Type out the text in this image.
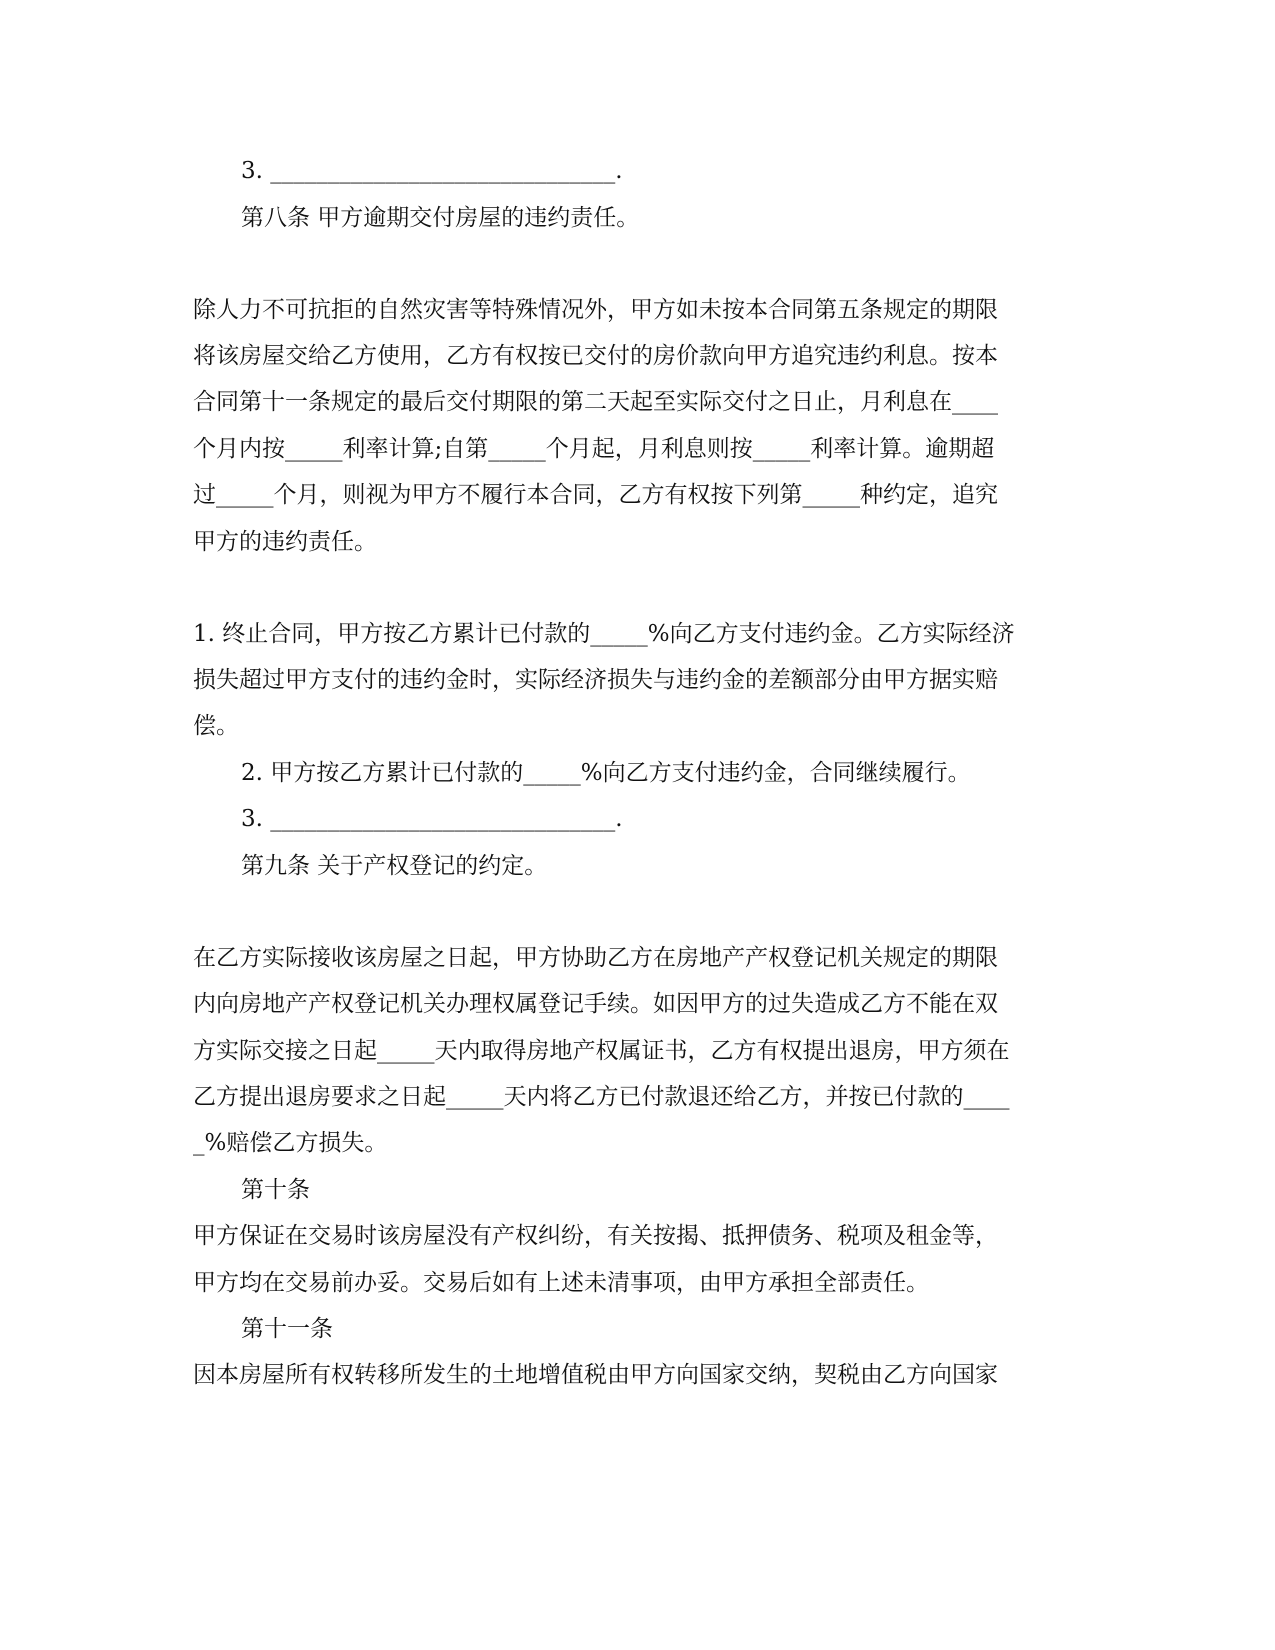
3. ______________________________.
第八条 甲方逾期交付房屋的违约责任。
除人力不可抗拒的自然灾害等特殊情况外，甲方如未按本合同第五条规定的期限
将该房屋交给乙方使用，乙方有权按已交付的房价款向甲方追究违约利息。按本
合同第十一条规定的最后交付期限的第二天起至实际交付之日止，月利息在____
个月内按_____利率计算;自第_____个月起，月利息则按_____利率计算。逾期超
过_____个月，则视为甲方不履行本合同，乙方有权按下列第_____种约定，追究
甲方的违约责任。
1. 终止合同，甲方按乙方累计已付款的_____%向乙方支付违约金。乙方实际经济
损失超过甲方支付的违约金时，实际经济损失与违约金的差额部分由甲方据实赔
偿。
2. 甲方按乙方累计已付款的_____%向乙方支付违约金，合同继续履行。
3. ______________________________.
第九条 关于产权登记的约定。
在乙方实际接收该房屋之日起，甲方协助乙方在房地产产权登记机关规定的期限
内向房地产产权登记机关办理权属登记手续。如因甲方的过失造成乙方不能在双
方实际交接之日起_____天内取得房地产权属证书，乙方有权提出退房，甲方须在
乙方提出退房要求之日起_____天内将乙方已付款退还给乙方，并按已付款的____
_%赔偿乙方损失。
第十条
甲方保证在交易时该房屋没有产权纠纷，有关按揭、抵押债务、税项及租金等，
甲方均在交易前办妥。交易后如有上述未清事项，由甲方承担全部责任。
第十一条
因本房屋所有权转移所发生的土地增值税由甲方向国家交纳，契税由乙方向国家
